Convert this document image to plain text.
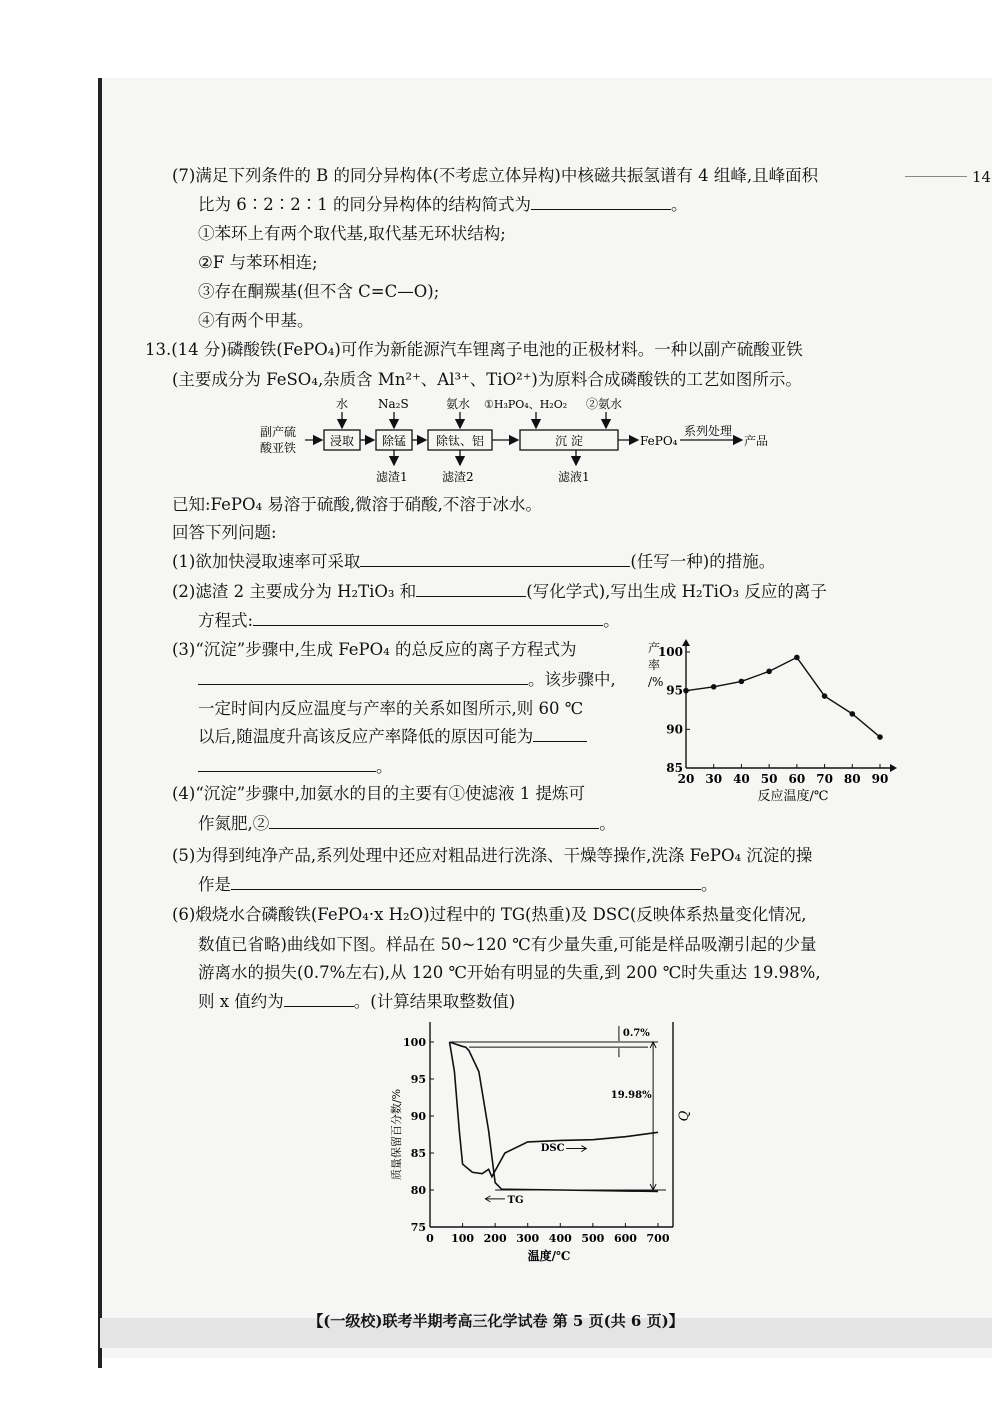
14
(7)满足下列条件的 B 的同分异构体(不考虑立体异构)中核磁共振氢谱有 4 组峰,且峰面积
比为 6∶2∶2∶1 的同分异构体的结构简式为	。
①苯环上有两个取代基,取代基无环状结构;
②F 与苯环相连;
③存在酮羰基(但不含 C=C—O);
④有两个甲基。
13.(14 分)磷酸铁(FePO₄)可作为新能源汽车锂离子电池的正极材料。一种以副产硫酸亚铁
(主要成分为 FeSO₄,杂质含 Mn²⁺、Al³⁺、TiO²⁺)为原料合成磷酸铁的工艺如图所示。
副产硫
酸亚铁	浸取 除锰 除钛、铝	沉 淀	FePO₄
系列处理
产品
水 Na₂S	氨水 ①H₃PO₄、H₂O₂ ②氨水
滤渣1	滤渣2	滤液1
已知:FePO₄ 易溶于硫酸,微溶于硝酸,不溶于冰水。
回答下列问题:
(1)欲加快浸取速率可采取	(任写一种)的措施。
(2)滤渣 2 主要成分为 H₂TiO₃ 和	(写化学式),写出生成 H₂TiO₃ 反应的离子
方程式:	。
(3)“沉淀”步骤中,生成 FePO₄ 的总反应的离子方程式为
。该步骤中,
一定时间内反应温度与产率的关系如图所示,则 60 ℃
以后,随温度升高该反应产率降低的原因可能为
。
20 30 40 50 60 70 80 90
85
90
95
100
产
率
/%
反应温度/℃
(4)“沉淀”步骤中,加氨水的目的主要有①使滤液 1 提炼可
作氮肥,②	。
(5)为得到纯净产品,系列处理中还应对粗品进行洗涤、干燥等操作,洗涤 FePO₄ 沉淀的操
作是	。
(6)煅烧水合磷酸铁(FePO₄·x H₂O)过程中的 TG(热重)及 DSC(反映体系热量变化情况,
数值已省略)曲线如下图。样品在 50~120 ℃有少量失重,可能是样品吸潮引起的少量
游离水的损失(0.7%左右),从 120 ℃开始有明显的失重,到 200 ℃时失重达 19.98%,
则 x 值约为	。(计算结果取整数值)
0 100 200 300 400 500 600 700
75
80
85
90
95
100
质量保留百分数/%
温度/℃
Q
0.7%
19.98%
DSC
TG
【(一级校)联考半期考高三化学试卷 第 5 页(共 6 页)】
